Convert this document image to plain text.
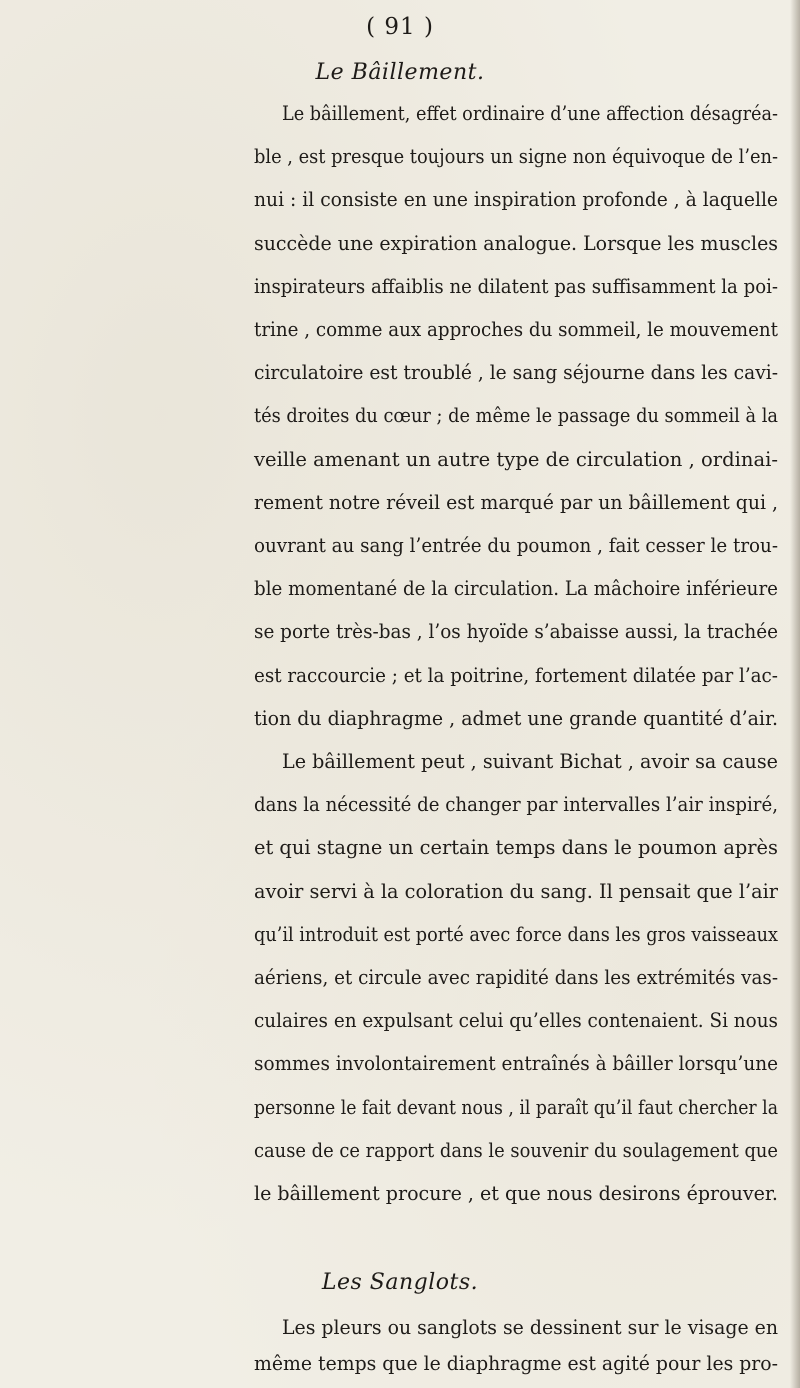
( 91 )
Le Bâillement.
Le bâillement, effet ordinaire d’une affection désagréa-
ble , est presque toujours un signe non équivoque de l’en-
nui : il consiste en une inspiration profonde , à laquelle
succède une expiration analogue. Lorsque les muscles
inspirateurs affaiblis ne dilatent pas suffisamment la poi-
trine , comme aux approches du sommeil, le mouvement
circulatoire est troublé , le sang séjourne dans les cavi-
tés droites du cœur ; de même le passage du sommeil à la
veille amenant un autre type de circulation , ordinai-
rement notre réveil est marqué par un bâillement qui ,
ouvrant au sang l’entrée du poumon , fait cesser le trou-
ble momentané de la circulation. La mâchoire inférieure
se porte très-bas , l’os hyoïde s’abaisse aussi, la trachée
est raccourcie ; et la poitrine, fortement dilatée par l’ac-
tion du diaphragme , admet une grande quantité d’air.
Le bâillement peut , suivant Bichat , avoir sa cause
dans la nécessité de changer par intervalles l’air inspiré,
et qui stagne un certain temps dans le poumon après
avoir servi à la coloration du sang. Il pensait que l’air
qu’il introduit est porté avec force dans les gros vaisseaux
aériens, et circule avec rapidité dans les extrémités vas-
culaires en expulsant celui qu’elles contenaient. Si nous
sommes involontairement entraînés à bâiller lorsqu’une
personne le fait devant nous , il paraît qu’il faut chercher la
cause de ce rapport dans le souvenir du soulagement que
le bâillement procure , et que nous desirons éprouver.
Les Sanglots.
Les pleurs ou sanglots se dessinent sur le visage en
même temps que le diaphragme est agité pour les pro-
